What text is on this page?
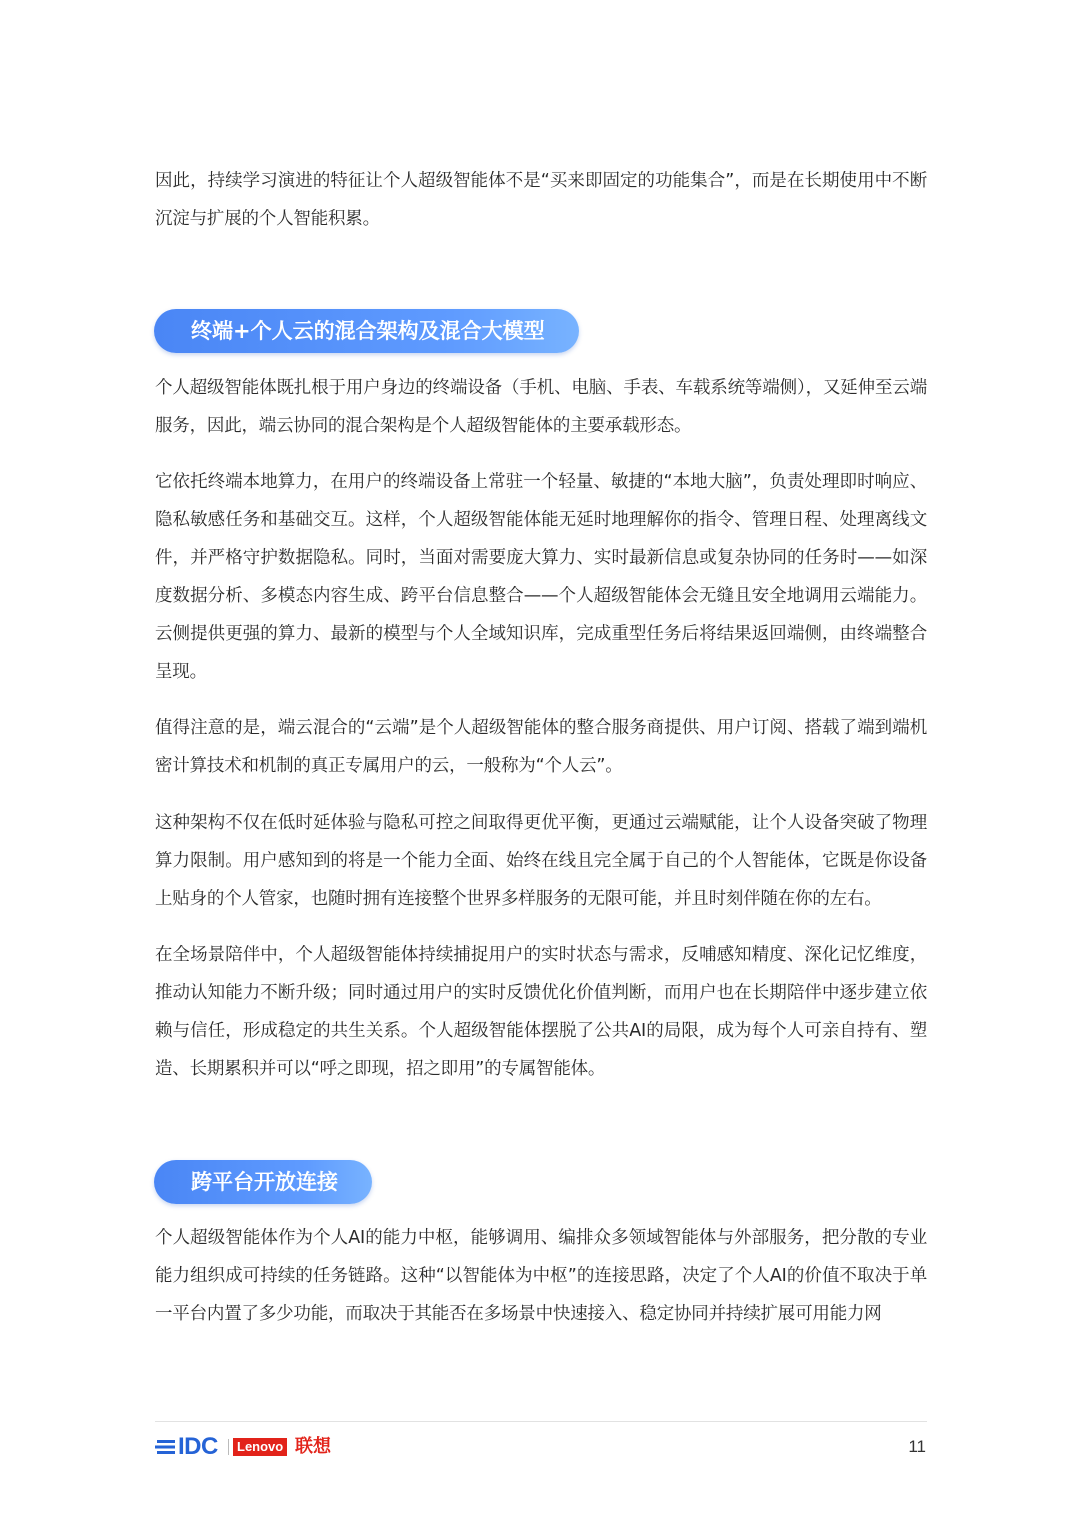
因此，持续学习演进的特征让个人超级智能体不是“买来即固定的功能集合”，而是在长期使用中不断沉淀与扩展的个人智能积累。

终端+个人云的混合架构及混合大模型

个人超级智能体既扎根于用户身边的终端设备（手机、电脑、手表、车载系统等端侧），又延伸至云端服务，因此，端云协同的混合架构是个人超级智能体的主要承载形态。

它依托终端本地算力，在用户的终端设备上常驻一个轻量、敏捷的“本地大脑”，负责处理即时响应、隐私敏感任务和基础交互。这样，个人超级智能体能无延时地理解你的指令、管理日程、处理离线文件，并严格守护数据隐私。同时，当面对需要庞大算力、实时最新信息或复杂协同的任务时——如深度数据分析、多模态内容生成、跨平台信息整合——个人超级智能体会无缝且安全地调用云端能力。云侧提供更强的算力、最新的模型与个人全域知识库，完成重型任务后将结果返回端侧，由终端整合呈现。

值得注意的是，端云混合的“云端”是个人超级智能体的整合服务商提供、用户订阅、搭载了端到端机密计算技术和机制的真正专属用户的云，一般称为“个人云”。

这种架构不仅在低时延体验与隐私可控之间取得更优平衡，更通过云端赋能，让个人设备突破了物理算力限制。用户感知到的将是一个能力全面、始终在线且完全属于自己的个人智能体，它既是你设备上贴身的个人管家，也随时拥有连接整个世界多样服务的无限可能，并且时刻伴随在你的左右。

在全场景陪伴中，个人超级智能体持续捕捉用户的实时状态与需求，反哺感知精度、深化记忆维度，推动认知能力不断升级；同时通过用户的实时反馈优化价值判断，而用户也在长期陪伴中逐步建立依赖与信任，形成稳定的共生关系。个人超级智能体摆脱了公共AI的局限，成为每个人可亲自持有、塑造、长期累积并可以“呼之即现，招之即用”的专属智能体。

跨平台开放连接

个人超级智能体作为个人AI的能力中枢，能够调用、编排众多领域智能体与外部服务，把分散的专业能力组织成可持续的任务链路。这种“以智能体为中枢”的连接思路，决定了个人AI的价值不取决于单一平台内置了多少功能，而取决于其能否在多场景中快速接入、稳定协同并持续扩展可用能力网

IDC	Lenovo 联想	11
